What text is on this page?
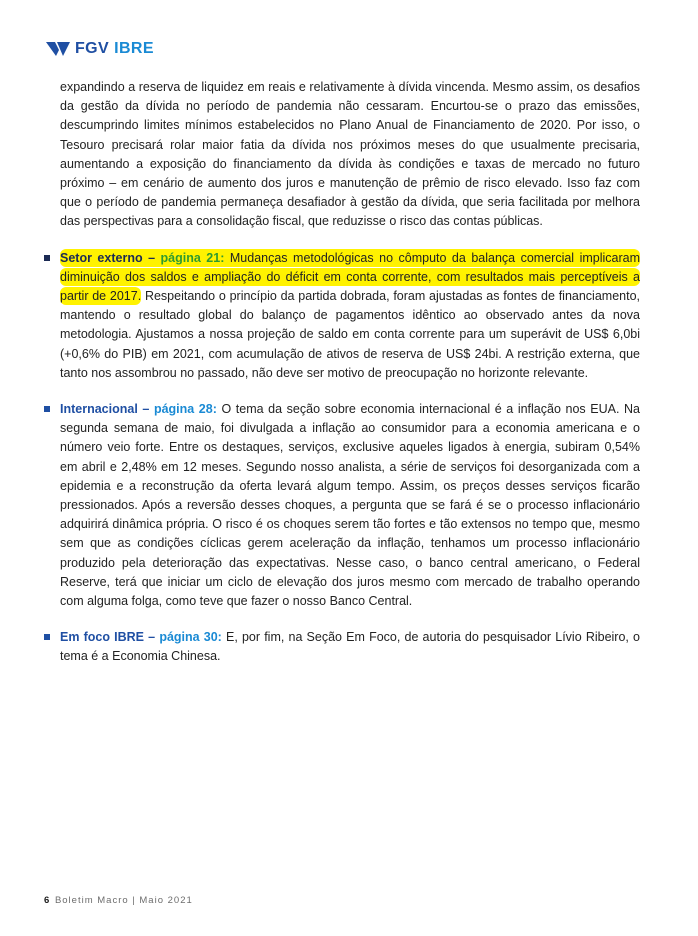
FGV IBRE

expandindo a reserva de liquidez em reais e relativamente à dívida vincenda. Mesmo assim, os desafios da gestão da dívida no período de pandemia não cessaram. Encurtou-se o prazo das emissões, descumprindo limites mínimos estabelecidos no Plano Anual de Financiamento de 2020. Por isso, o Tesouro precisará rolar maior fatia da dívida nos próximos meses do que usualmente precisaria, aumentando a exposição do financiamento da dívida às condições e taxas de mercado no futuro próximo – em cenário de aumento dos juros e manutenção de prêmio de risco elevado. Isso faz com que o período de pandemia permaneça desafiador à gestão da dívida, que seria facilitada por melhora das perspectivas para a consolidação fiscal, que reduzisse o risco das contas públicas.

Setor externo – página 21: Mudanças metodológicas no cômputo da balança comercial implicaram diminuição dos saldos e ampliação do déficit em conta corrente, com resultados mais perceptíveis a partir de 2017. Respeitando o princípio da partida dobrada, foram ajustadas as fontes de financiamento, mantendo o resultado global do balanço de pagamentos idêntico ao observado antes da nova metodologia. Ajustamos a nossa projeção de saldo em conta corrente para um superávit de US$ 6,0bi (+0,6% do PIB) em 2021, com acumulação de ativos de reserva de US$ 24bi. A restrição externa, que tanto nos assombrou no passado, não deve ser motivo de preocupação no horizonte relevante.
Internacional – página 28: O tema da seção sobre economia internacional é a inflação nos EUA. Na segunda semana de maio, foi divulgada a inflação ao consumidor para a economia americana e o número veio forte. Entre os destaques, serviços, exclusive aqueles ligados à energia, subiram 0,54% em abril e 2,48% em 12 meses. Segundo nosso analista, a série de serviços foi desorganizada com a epidemia e a reconstrução da oferta levará algum tempo. Assim, os preços desses serviços ficarão pressionados. Após a reversão desses choques, a pergunta que se fará é se o processo inflacionário adquirirá dinâmica própria. O risco é os choques serem tão fortes e tão extensos no tempo que, mesmo sem que as condições cíclicas gerem aceleração da inflação, tenhamos um processo inflacionário produzido pela deterioração das expectativas. Nesse caso, o banco central americano, o Federal Reserve, terá que iniciar um ciclo de elevação dos juros mesmo com mercado de trabalho operando com alguma folga, como teve que fazer o nosso Banco Central.
Em foco IBRE – página 30: E, por fim, na Seção Em Foco, de autoria do pesquisador Lívio Ribeiro, o tema é a Economia Chinesa.
6 Boletim Macro | Maio 2021
